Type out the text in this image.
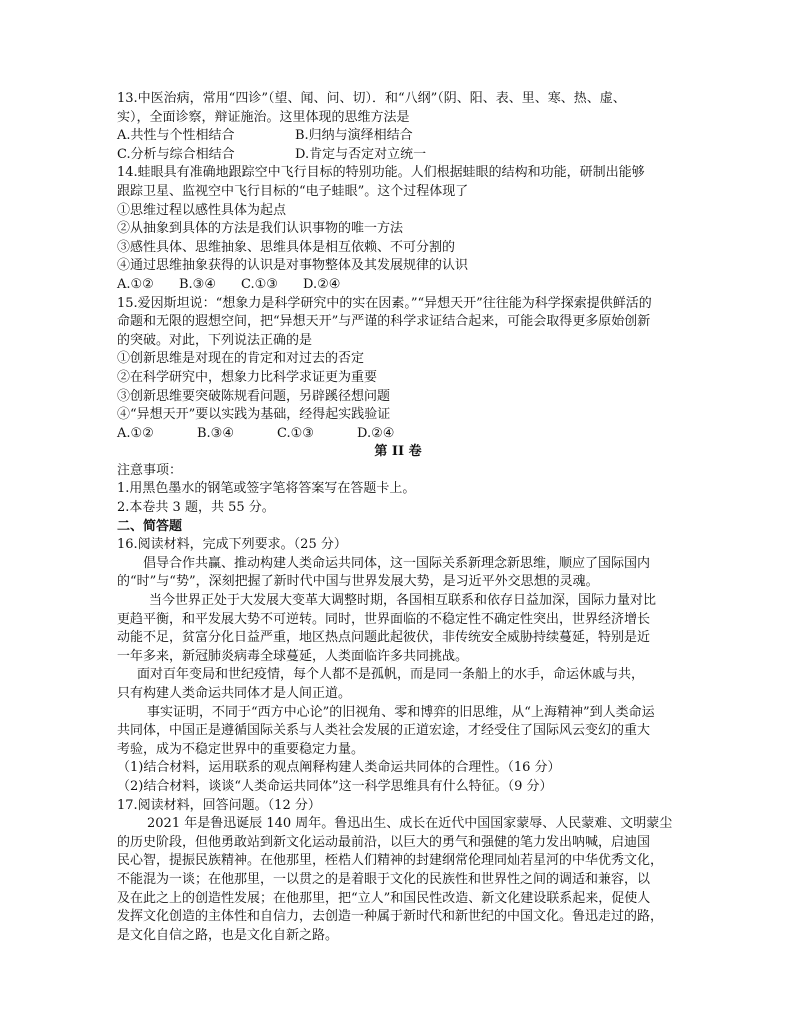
13.中医治病，常用“四诊”（望、闻、问、切）．和“八纲”（阴、阳、表、里、寒、热、虚、
实），全面诊察，辩证施治。这里体现的思维方法是
A.共性与个性相结合	B.归纳与演绎相结合
C.分析与综合相结合	D.肯定与否定对立统一
14.蛙眼具有准确地跟踪空中飞行目标的特别功能。人们根据蛙眼的结构和功能，研制出能够
跟踪卫星、监视空中飞行目标的“电子蛙眼”。这个过程体现了
①思维过程以感性具体为起点
②从抽象到具体的方法是我们认识事物的唯一方法
③感性具体、思维抽象、思维具体是相互依赖、不可分割的
④通过思维抽象获得的认识是对事物整体及其发展规律的认识
A.①②	B.③④	C.①③	D.②④
15.爱因斯坦说：“想象力是科学研究中的实在因素。”“异想天开”往往能为科学探索提供鲜活的
命题和无限的遐想空间，把“异想天开”与严谨的科学求证结合起来，可能会取得更多原始创新
的突破。对此，下列说法正确的是
①创新思维是对现在的肯定和对过去的否定
②在科学研究中，想象力比科学求证更为重要
③创新思维要突破陈规看问题，另辟蹊径想问题
④“异想天开”要以实践为基础，经得起实践验证
A.①②	B.③④	C.①③	D.②④
第 II 卷
注意事项：
1.用黑色墨水的钢笔或签字笔将答案写在答题卡上。
2.本卷共 3 题，共 55 分。
二、简答题
16.阅读材料，完成下列要求。（25 分）
倡导合作共赢、推动构建人类命运共同体，这一国际关系新理念新思维，顺应了国际国内
的“时”与“势”，深刻把握了新时代中国与世界发展大势，是习近平外交思想的灵魂。
当今世界正处于大发展大变革大调整时期，各国相互联系和依存日益加深，国际力量对比
更趋平衡，和平发展大势不可逆转。同时，世界面临的不稳定性不确定性突出，世界经济增长
动能不足，贫富分化日益严重，地区热点问题此起彼伏，非传统安全威胁持续蔓延，特别是近
一年多来，新冠肺炎病毒全球蔓延，人类面临许多共同挑战。
面对百年变局和世纪疫情，每个人都不是孤帆，而是同一条船上的水手，命运休戚与共，
只有构建人类命运共同体才是人间正道。
事实证明，不同于“西方中心论”的旧视角、零和博弈的旧思维，从“上海精神”到人类命运
共同体，中国正是遵循国际关系与人类社会发展的正道宏途，才经受住了国际风云变幻的重大
考验，成为不稳定世界中的重要稳定力量。
（1)结合材料，运用联系的观点阐释构建人类命运共同体的合理性。（16 分）
（2)结合材料，谈谈“人类命运共同体”这一科学思维具有什么特征。（9 分）
17.阅读材料，回答问题。（12 分）
2021 年是鲁迅诞辰 140 周年。鲁迅出生、成长在近代中国国家蒙辱、人民蒙难、文明蒙尘
的历史阶段，但他勇敢站到新文化运动最前沿，以巨大的勇气和强健的笔力发出呐喊，启迪国
民心智，提振民族精神。在他那里，桎梏人们精神的封建纲常伦理同灿若星河的中华优秀文化，
不能混为一谈；在他那里，一以贯之的是着眼于文化的民族性和世界性之间的调适和兼容，以
及在此之上的创造性发展；在他那里，把“立人”和国民性改造、新文化建设联系起来，促使人
发挥文化创造的主体性和自信力，去创造一种属于新时代和新世纪的中国文化。鲁迅走过的路，
是文化自信之路，也是文化自新之路。
